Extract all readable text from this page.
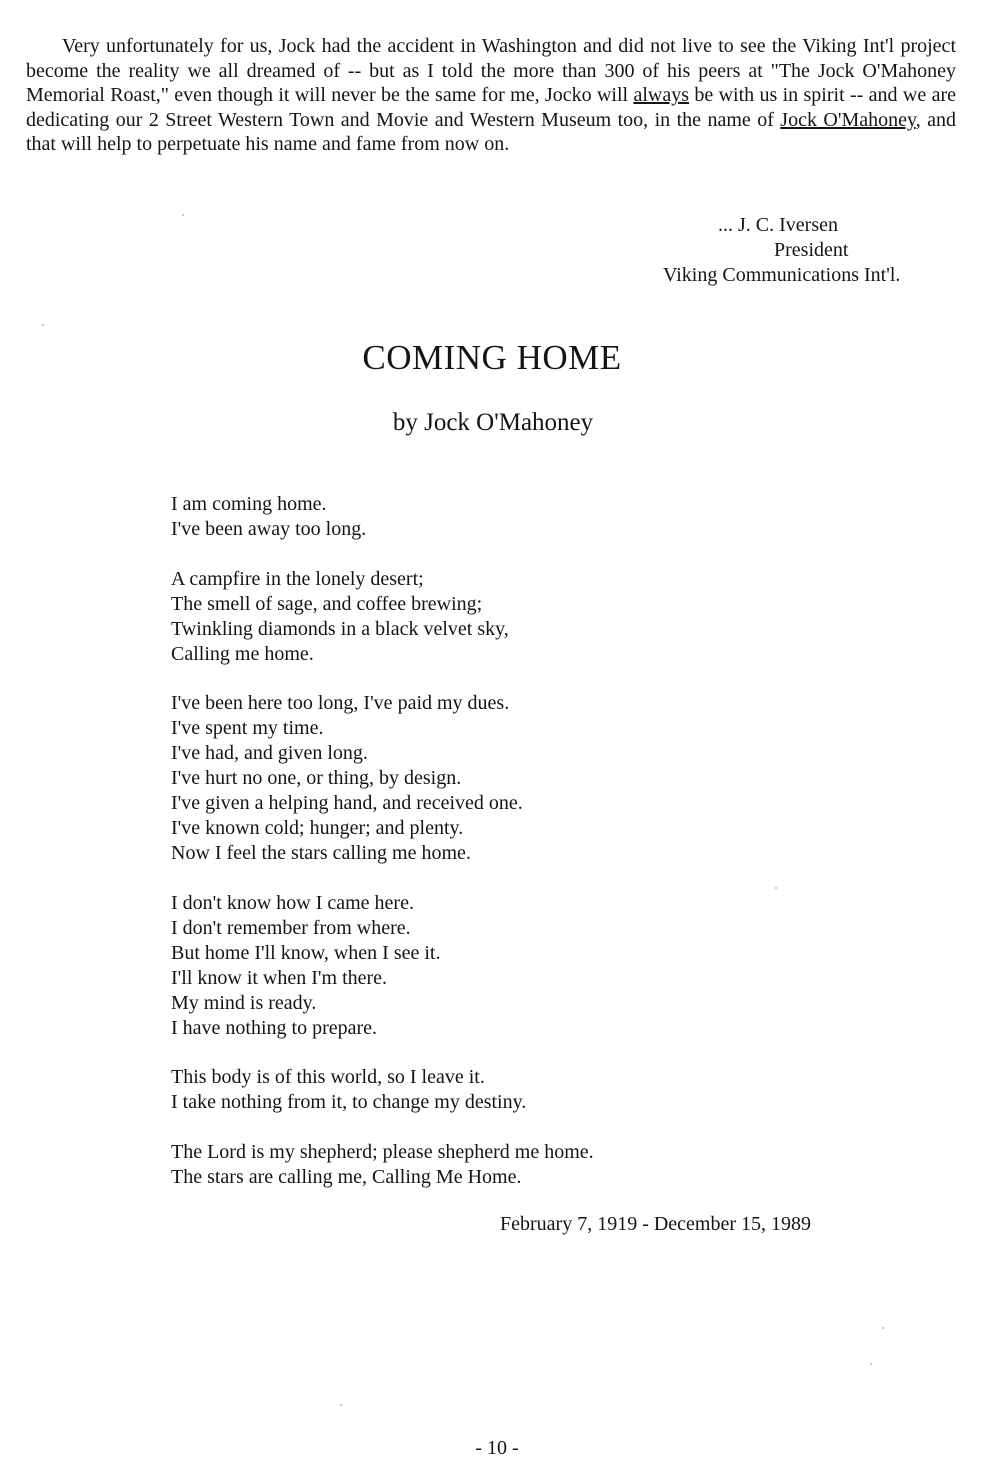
Very unfortunately for us, Jock had the accident in Washington and did not live to see the Viking Int'l project become the reality we all dreamed of -- but as I told the more than 300 of his peers at "The Jock O'Mahoney Memorial Roast," even though it will never be the same for me, Jocko will always be with us in spirit -- and we are dedicating our 2 Street Western Town and Movie and Western Museum too, in the name of Jock O'Mahoney, and that will help to perpetuate his name and fame from now on.

... J. C. Iversen
President
Viking Communications Int'l.
COMING HOME
by Jock O'Mahoney
I am coming home.
I've been away too long.
A campfire in the lonely desert;
The smell of sage, and coffee brewing;
Twinkling diamonds in a black velvet sky,
Calling me home.
I've been here too long, I've paid my dues.
I've spent my time.
I've had, and given long.
I've hurt no one, or thing, by design.
I've given a helping hand, and received one.
I've known cold; hunger; and plenty.
Now I feel the stars calling me home.
I don't know how I came here.
I don't remember from where.
But home I'll know, when I see it.
I'll know it when I'm there.
My mind is ready.
I have nothing to prepare.
This body is of this world, so I leave it.
I take nothing from it, to change my destiny.
The Lord is my shepherd; please shepherd me home.
The stars are calling me, Calling Me Home.

February 7, 1919 - December 15, 1989

- 10 -
